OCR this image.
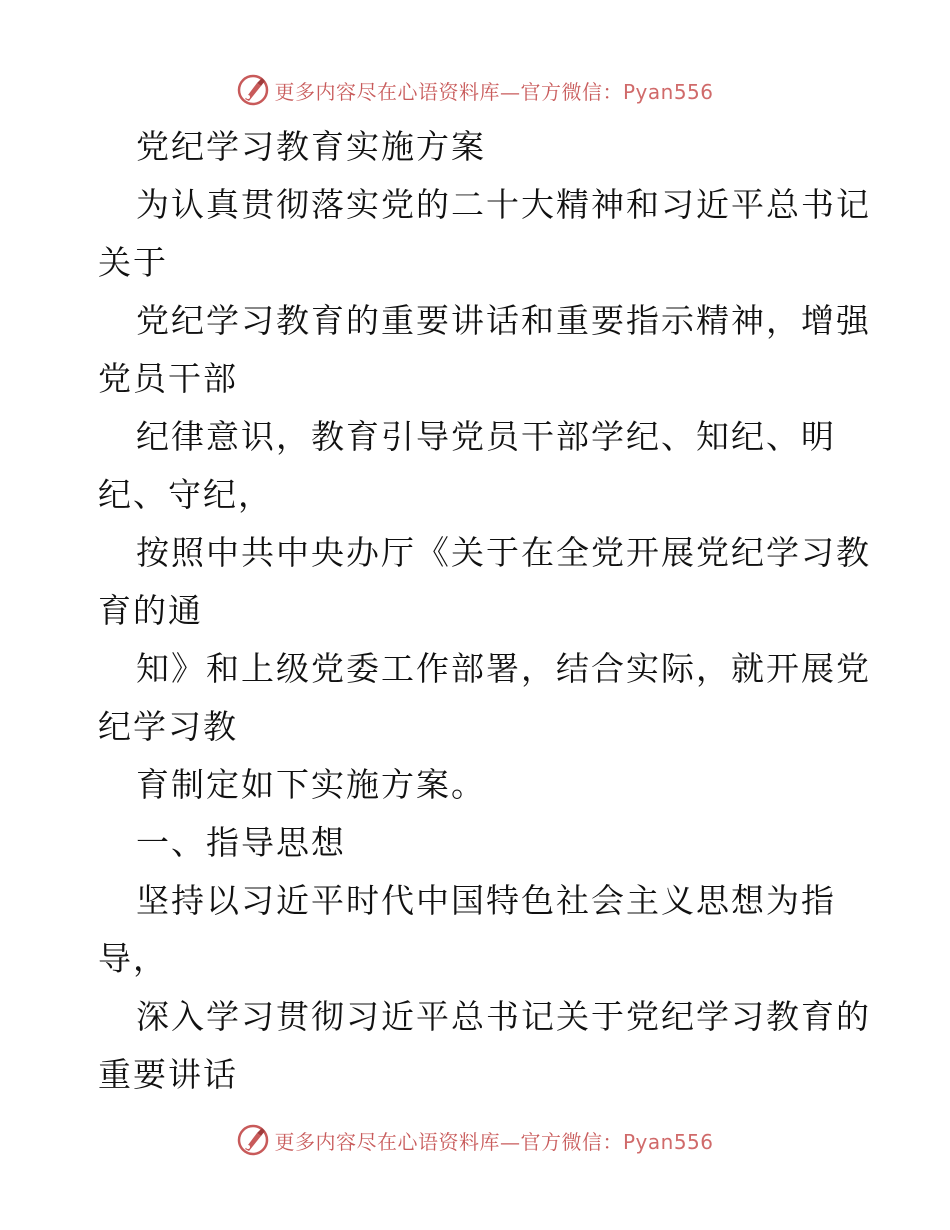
更多内容尽在心语资料库—官方微信：Pyan556
党纪学习教育实施方案
为认真贯彻落实党的二十大精神和习近平总书记
关于
党纪学习教育的重要讲话和重要指示精神，增强
党员干部
纪律意识，教育引导党员干部学纪、知纪、明
纪、守纪，
按照中共中央办厅《关于在全党开展党纪学习教
育的通
知》和上级党委工作部署，结合实际，就开展党
纪学习教
育制定如下实施方案。
一、指导思想
坚持以习近平时代中国特色社会主义思想为指
导，
深入学习贯彻习近平总书记关于党纪学习教育的
重要讲话
更多内容尽在心语资料库—官方微信：Pyan556
